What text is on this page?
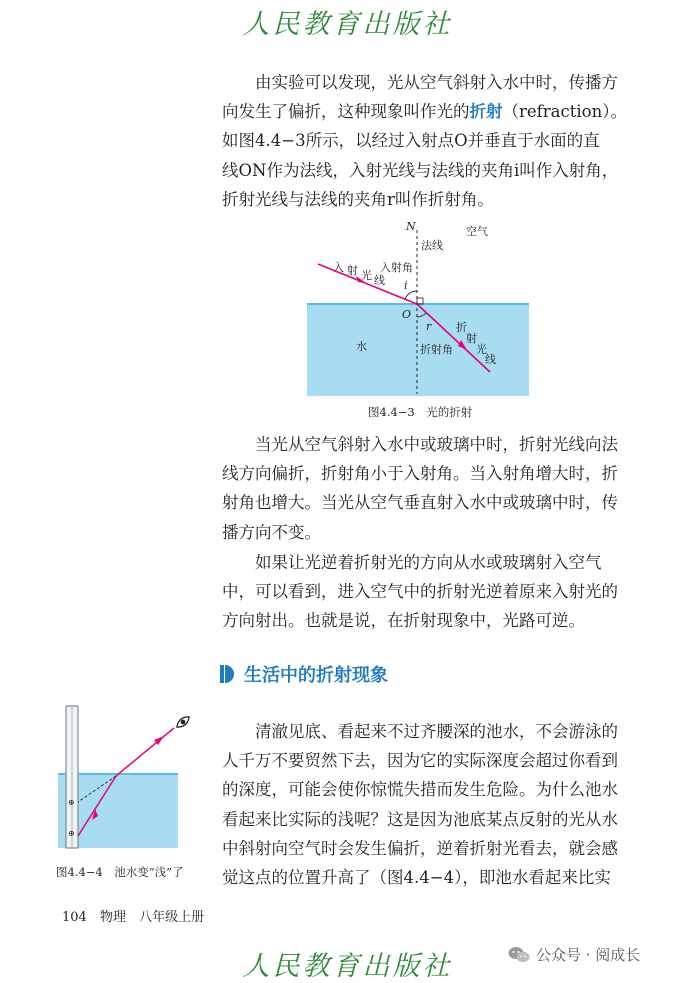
人民教育出版社

由实验可以发现，光从空气斜射入水中时，传播方
向发生了偏折，这种现象叫作光的折射（refraction）。
如图4.4−3所示，以经过入射点O并垂直于水面的直
线ON作为法线，入射光线与法线的夹角i叫作入射角，
折射光线与法线的夹角r叫作折射角。

N
法线
空气
入 射 光 线
入射角
i
O
r
水	折射角
折
射
光
线
图4.4−3　光的折射

当光从空气斜射入水中或玻璃中时，折射光线向法
线方向偏折，折射角小于入射角。当入射角增大时，折
射角也增大。当光从空气垂直射入水中或玻璃中时，传
播方向不变。

如果让光逆着折射光的方向从水或玻璃射入空气
中，可以看到，进入空气中的折射光逆着原来入射光的
方向射出。也就是说，在折射现象中，光路可逆。

生活中的折射现象

清澈见底、看起来不过齐腰深的池水，不会游泳的
人千万不要贸然下去，因为它的实际深度会超过你看到
的深度，可能会使你惊慌失措而发生危险。为什么池水
看起来比实际的浅呢？这是因为池底某点反射的光从水
中斜射向空气时会发生偏折，逆着折射光看去，就会感
觉这点的位置升高了（图4.4−4），即池水看起来比实

⊕
⊕
图4.4−4　池水变“浅”了
104 物理 八年级上册
人民教育出版社	公众号 · 阅成长
